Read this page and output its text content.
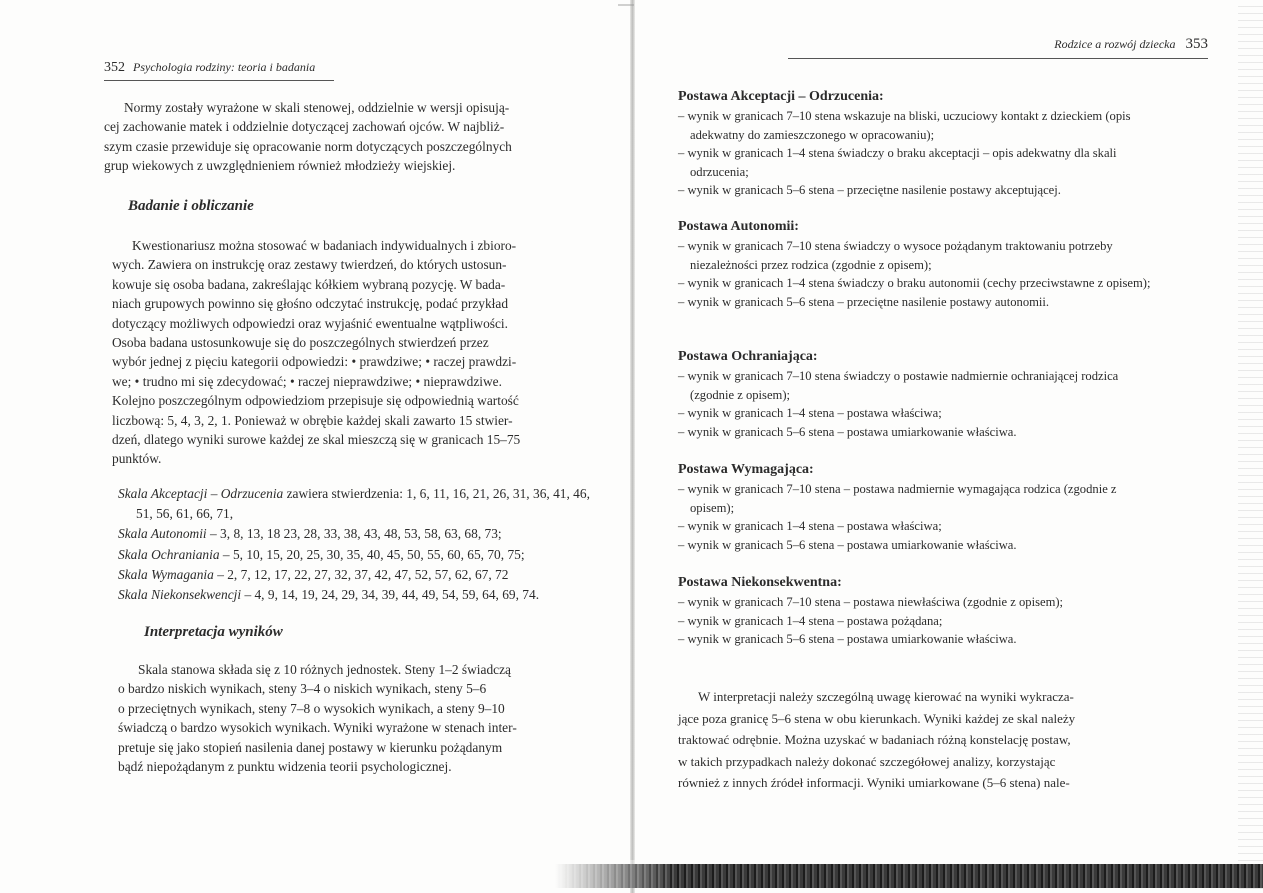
352 Psychologia rodziny: teoria i badania

Normy zostały wyrażone w skali stenowej, oddzielnie w wersji opisują-

cej zachowanie matek i oddzielnie dotyczącej zachowań ojców. W najbliż-

szym czasie przewiduje się opracowanie norm dotyczących poszczególnych

grup wiekowych z uwzględnieniem również młodzieży wiejskiej.

Badanie i obliczanie

Kwestionariusz można stosować w badaniach indywidualnych i zbioro-

wych. Zawiera on instrukcję oraz zestawy twierdzeń, do których ustosun-

kowuje się osoba badana, zakreślając kółkiem wybraną pozycję. W bada-

niach grupowych powinno się głośno odczytać instrukcję, podać przykład

dotyczący możliwych odpowiedzi oraz wyjaśnić ewentualne wątpliwości.

Osoba badana ustosunkowuje się do poszczególnych stwierdzeń przez

wybór jednej z pięciu kategorii odpowiedzi: • prawdziwe; • raczej prawdzi-

we; • trudno mi się zdecydować; • raczej nieprawdziwe; • nieprawdziwe.

Kolejno poszczególnym odpowiedziom przepisuje się odpowiednią wartość

liczbową: 5, 4, 3, 2, 1. Ponieważ w obrębie każdej skali zawarto 15 stwier-

dzeń, dlatego wyniki surowe każdej ze skal mieszczą się w granicach 15–75

punktów.

Skala Akceptacji – Odrzucenia zawiera stwierdzenia: 1, 6, 11, 16, 21, 26, 31, 36, 41, 46, 51, 56, 61, 66, 71,
Skala Autonomii – 3, 8, 13, 18 23, 28, 33, 38, 43, 48, 53, 58, 63, 68, 73;
Skala Ochraniania – 5, 10, 15, 20, 25, 30, 35, 40, 45, 50, 55, 60, 65, 70, 75;
Skala Wymagania – 2, 7, 12, 17, 22, 27, 32, 37, 42, 47, 52, 57, 62, 67, 72
Skala Niekonsekwencji – 4, 9, 14, 19, 24, 29, 34, 39, 44, 49, 54, 59, 64, 69, 74.
Interpretacja wyników

Skala stanowa składa się z 10 różnych jednostek. Steny 1–2 świadczą

o bardzo niskich wynikach, steny 3–4 o niskich wynikach, steny 5–6

o przeciętnych wynikach, steny 7–8 o wysokich wynikach, a steny 9–10

świadczą o bardzo wysokich wynikach. Wyniki wyrażone w stenach inter-

pretuje się jako stopień nasilenia danej postawy w kierunku pożądanym

bądź niepożądanym z punktu widzenia teorii psychologicznej.

Rodzice a rozwój dziecka 353
Postawa Akceptacji – Odrzucenia:
– wynik w granicach 7–10 stena wskazuje na bliski, uczuciowy kontakt z dzieckiem (opis adekwatny do zamieszczonego w opracowaniu);
– wynik w granicach 1–4 stena świadczy o braku akceptacji – opis adekwatny dla skali odrzucenia;
– wynik w granicach 5–6 stena – przeciętne nasilenie postawy akceptującej.
Postawa Autonomii:
– wynik w granicach 7–10 stena świadczy o wysoce pożądanym traktowaniu potrzeby niezależności przez rodzica (zgodnie z opisem);
– wynik w granicach 1–4 stena świadczy o braku autonomii (cechy przeciwstawne z opisem);
– wynik w granicach 5–6 stena – przeciętne nasilenie postawy autonomii.
Postawa Ochraniająca:
– wynik w granicach 7–10 stena świadczy o postawie nadmiernie ochraniającej rodzica (zgodnie z opisem);
– wynik w granicach 1–4 stena – postawa właściwa;
– wynik w granicach 5–6 stena – postawa umiarkowanie właściwa.
Postawa Wymagająca:
– wynik w granicach 7–10 stena – postawa nadmiernie wymagająca rodzica (zgodnie z opisem);
– wynik w granicach 1–4 stena – postawa właściwa;
– wynik w granicach 5–6 stena – postawa umiarkowanie właściwa.
Postawa Niekonsekwentna:
– wynik w granicach 7–10 stena – postawa niewłaściwa (zgodnie z opisem);
– wynik w granicach 1–4 stena – postawa pożądana;
– wynik w granicach 5–6 stena – postawa umiarkowanie właściwa.

W interpretacji należy szczególną uwagę kierować na wyniki wykracza-

jące poza granicę 5–6 stena w obu kierunkach. Wyniki każdej ze skal należy

traktować odrębnie. Można uzyskać w badaniach różną konstelację postaw,

w takich przypadkach należy dokonać szczegółowej analizy, korzystając

również z innych źródeł informacji. Wyniki umiarkowane (5–6 stena) nale-
